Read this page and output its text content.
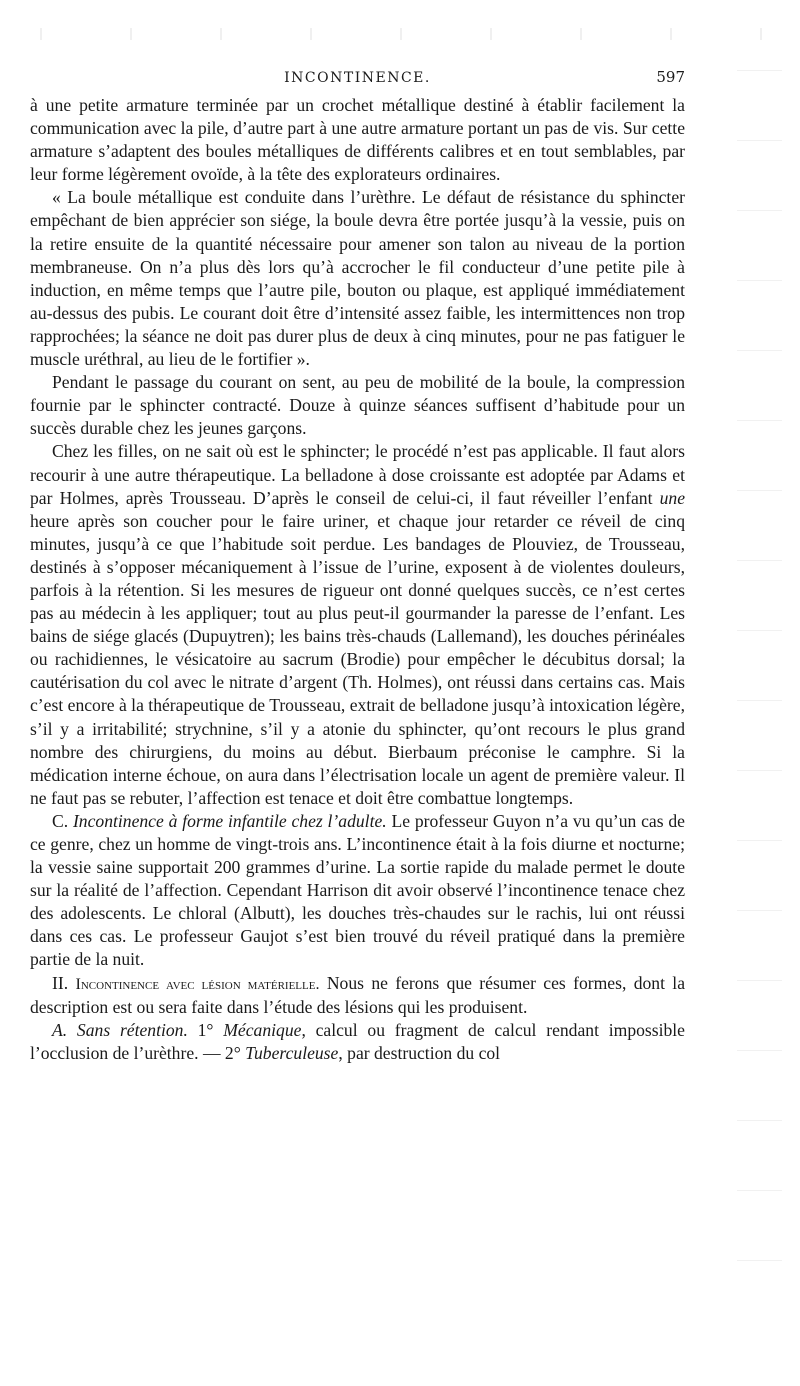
INCONTINENCE.	597

à une petite armature terminée par un crochet métallique destiné à établir facilement la communication avec la pile, d’autre part à une autre armature portant un pas de vis. Sur cette armature s’adaptent des boules métalliques de différents calibres et en tout semblables, par leur forme légèrement ovoïde, à la tête des explorateurs ordinaires.

« La boule métallique est conduite dans l’urèthre. Le défaut de résistance du sphincter empêchant de bien apprécier son siége, la boule devra être portée jusqu’à la vessie, puis on la retire ensuite de la quantité nécessaire pour amener son talon au niveau de la portion membraneuse. On n’a plus dès lors qu’à accrocher le fil conducteur d’une petite pile à induction, en même temps que l’autre pile, bouton ou plaque, est appliqué immédiatement au-dessus des pubis. Le courant doit être d’intensité assez faible, les intermittences non trop rapprochées; la séance ne doit pas durer plus de deux à cinq minutes, pour ne pas fatiguer le muscle uréthral, au lieu de le fortifier ».

Pendant le passage du courant on sent, au peu de mobilité de la boule, la compression fournie par le sphincter contracté. Douze à quinze séances suffisent d’habitude pour un succès durable chez les jeunes garçons.

Chez les filles, on ne sait où est le sphincter; le procédé n’est pas applicable. Il faut alors recourir à une autre thérapeutique. La belladone à dose croissante est adoptée par Adams et par Holmes, après Trousseau. D’après le conseil de celui-ci, il faut réveiller l’enfant une heure après son coucher pour le faire uriner, et chaque jour retarder ce réveil de cinq minutes, jusqu’à ce que l’habitude soit perdue. Les bandages de Plouviez, de Trousseau, destinés à s’opposer mécaniquement à l’issue de l’urine, exposent à de violentes douleurs, parfois à la rétention. Si les mesures de rigueur ont donné quelques succès, ce n’est certes pas au médecin à les appliquer; tout au plus peut-il gourmander la paresse de l’enfant. Les bains de siége glacés (Dupuytren); les bains très-chauds (Lallemand), les douches périnéales ou rachidiennes, le vésicatoire au sacrum (Brodie) pour empêcher le décubitus dorsal; la cautérisation du col avec le nitrate d’argent (Th. Holmes), ont réussi dans certains cas. Mais c’est encore à la thérapeutique de Trousseau, extrait de belladone jusqu’à intoxication légère, s’il y a irritabilité; strychnine, s’il y a atonie du sphincter, qu’ont recours le plus grand nombre des chirurgiens, du moins au début. Bierbaum préconise le camphre. Si la médication interne échoue, on aura dans l’électrisation locale un agent de première valeur. Il ne faut pas se rebuter, l’affection est tenace et doit être combattue longtemps.

C. Incontinence à forme infantile chez l’adulte. Le professeur Guyon n’a vu qu’un cas de ce genre, chez un homme de vingt-trois ans. L’incontinence était à la fois diurne et nocturne; la vessie saine supportait 200 grammes d’urine. La sortie rapide du malade permet le doute sur la réalité de l’affection. Cependant Harrison dit avoir observé l’incontinence tenace chez des adolescents. Le chloral (Albutt), les douches très-chaudes sur le rachis, lui ont réussi dans ces cas. Le professeur Gaujot s’est bien trouvé du réveil pratiqué dans la première partie de la nuit.

II. Incontinence avec lésion matérielle. Nous ne ferons que résumer ces formes, dont la description est ou sera faite dans l’étude des lésions qui les produisent.

A. Sans rétention. 1° Mécanique, calcul ou fragment de calcul rendant impossible l’occlusion de l’urèthre. — 2° Tuberculeuse, par destruction du col
